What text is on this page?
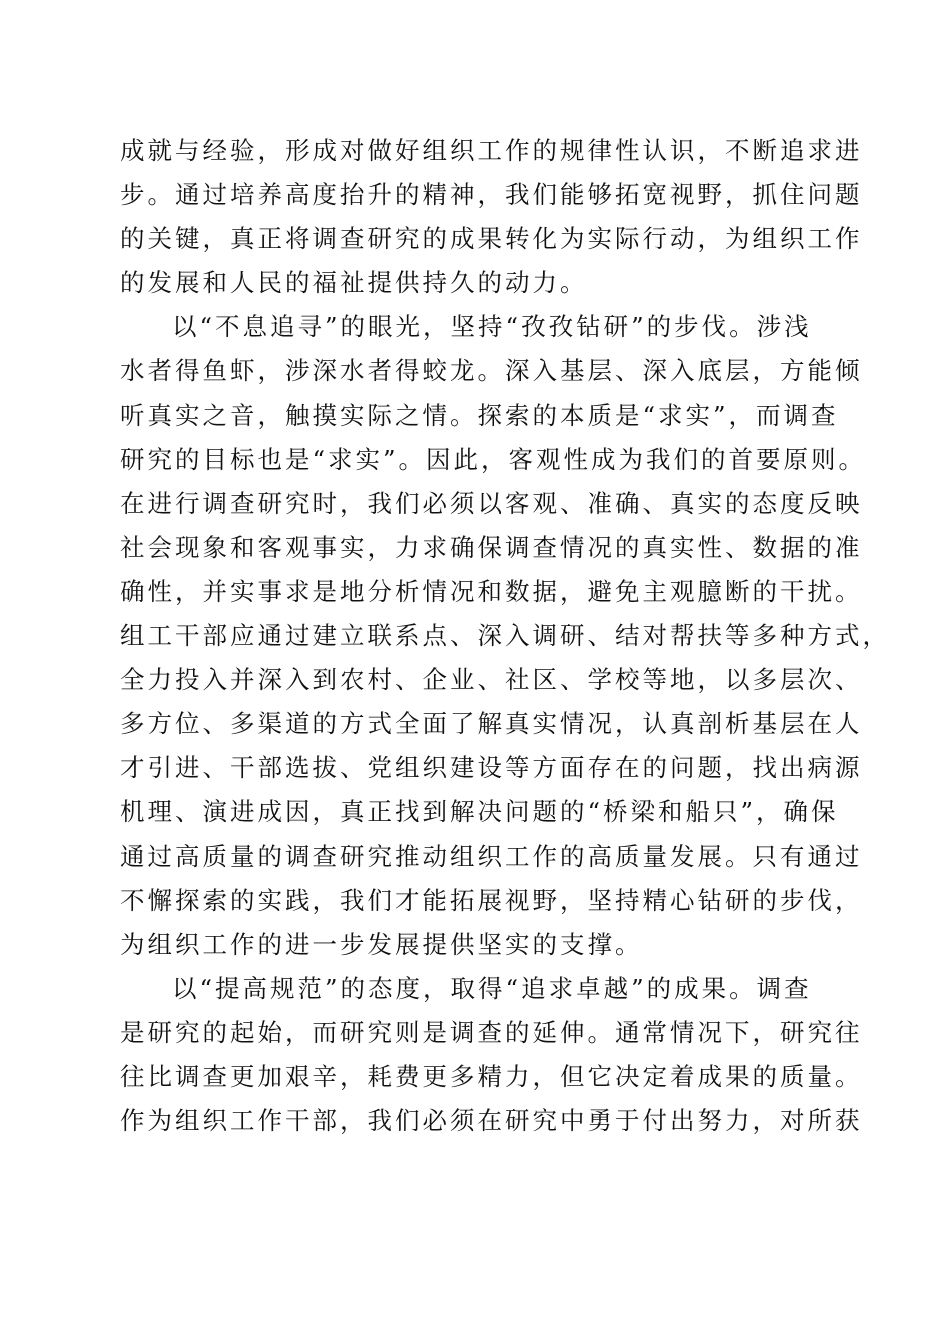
成就与经验，形成对做好组织工作的规律性认识，不断追求进
步。通过培养高度抬升的精神，我们能够拓宽视野，抓住问题
的关键，真正将调查研究的成果转化为实际行动，为组织工作
的发展和人民的福祉提供持久的动力。
以“不息追寻”的眼光，坚持“孜孜钻研”的步伐。涉浅
水者得鱼虾，涉深水者得蛟龙。深入基层、深入底层，方能倾
听真实之音，触摸实际之情。探索的本质是“求实”，而调查
研究的目标也是“求实”。因此，客观性成为我们的首要原则。
在进行调查研究时，我们必须以客观、准确、真实的态度反映
社会现象和客观事实，力求确保调查情况的真实性、数据的准
确性，并实事求是地分析情况和数据，避免主观臆断的干扰。
组工干部应通过建立联系点、深入调研、结对帮扶等多种方式，
全力投入并深入到农村、企业、社区、学校等地，以多层次、
多方位、多渠道的方式全面了解真实情况，认真剖析基层在人
才引进、干部选拔、党组织建设等方面存在的问题，找出病源
机理、演进成因，真正找到解决问题的“桥梁和船只”，确保
通过高质量的调查研究推动组织工作的高质量发展。只有通过
不懈探索的实践，我们才能拓展视野，坚持精心钻研的步伐，
为组织工作的进一步发展提供坚实的支撑。
以“提高规范”的态度，取得“追求卓越”的成果。调查
是研究的起始，而研究则是调查的延伸。通常情况下，研究往
往比调查更加艰辛，耗费更多精力，但它决定着成果的质量。
作为组织工作干部，我们必须在研究中勇于付出努力，对所获
